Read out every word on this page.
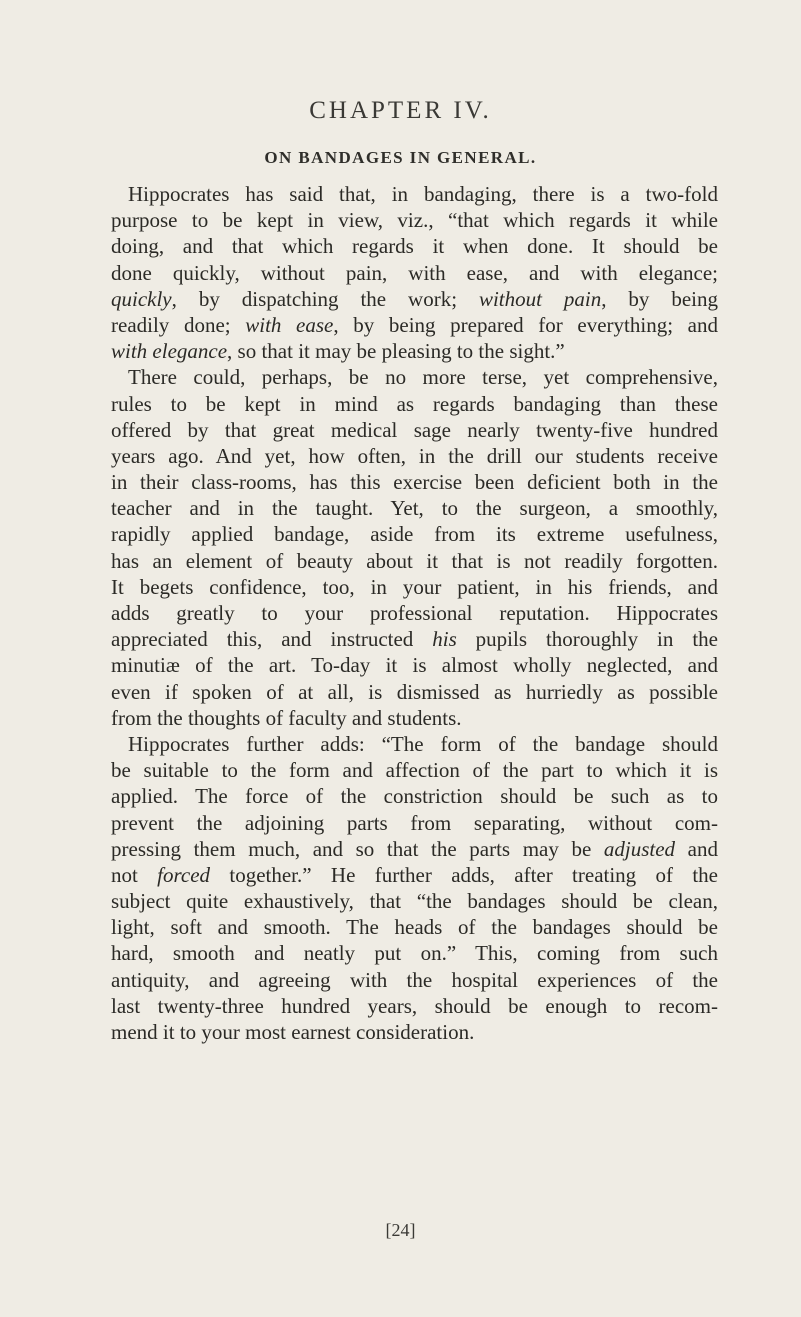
CHAPTER IV.
ON BANDAGES IN GENERAL.
Hippocrates has said that, in bandaging, there is a two-fold
purpose to be kept in view, viz., “that which regards it while
doing, and that which regards it when done. It should be
done quickly, without pain, with ease, and with elegance;
quickly, by dispatching the work; without pain, by being
readily done; with ease, by being prepared for everything; and
with elegance, so that it may be pleasing to the sight.”
There could, perhaps, be no more terse, yet comprehensive,
rules to be kept in mind as regards bandaging than these
offered by that great medical sage nearly twenty-five hundred
years ago. And yet, how often, in the drill our students receive
in their class-rooms, has this exercise been deficient both in the
teacher and in the taught. Yet, to the surgeon, a smoothly,
rapidly applied bandage, aside from its extreme usefulness,
has an element of beauty about it that is not readily forgotten.
It begets confidence, too, in your patient, in his friends, and
adds greatly to your professional reputation. Hippocrates
appreciated this, and instructed his pupils thoroughly in the
minutiæ of the art. To-day it is almost wholly neglected, and
even if spoken of at all, is dismissed as hurriedly as possible
from the thoughts of faculty and students.
Hippocrates further adds: “The form of the bandage should
be suitable to the form and affection of the part to which it is
applied. The force of the constriction should be such as to
prevent the adjoining parts from separating, without com-
pressing them much, and so that the parts may be adjusted and
not forced together.” He further adds, after treating of the
subject quite exhaustively, that “the bandages should be clean,
light, soft and smooth. The heads of the bandages should be
hard, smooth and neatly put on.” This, coming from such
antiquity, and agreeing with the hospital experiences of the
last twenty-three hundred years, should be enough to recom-
mend it to your most earnest consideration.
[24]
